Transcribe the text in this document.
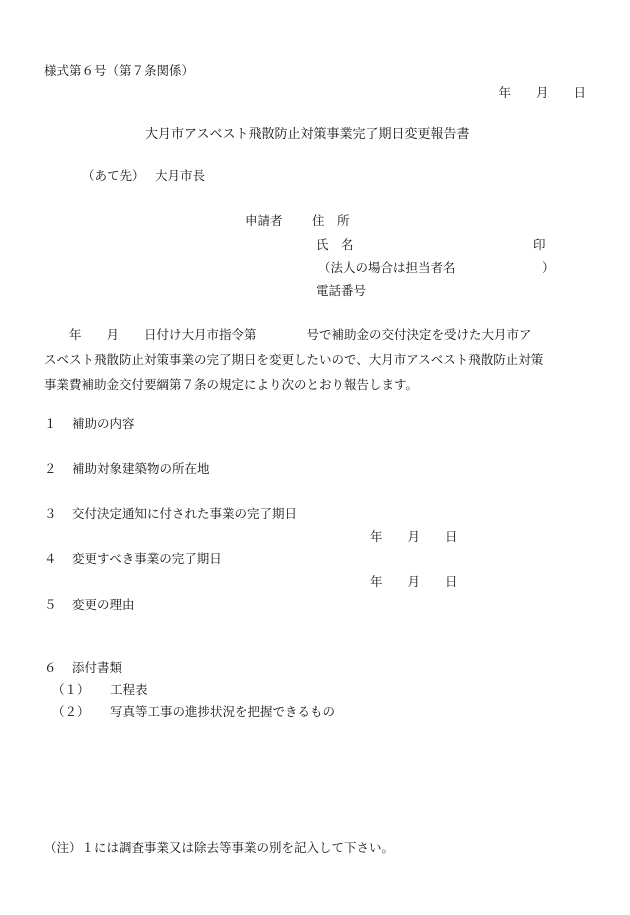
様式第６号（第７条関係）
年　　月　　日
大月市アスベスト飛散防止対策事業完了期日変更報告書
（あて先） 大月市長
申請者 住　所
氏　名	印
（法人の場合は担当者名	）
電話番号
　　年　　月　　日付け大月市指令第　　　　号で補助金の交付決定を受けた大月市ア
スベスト飛散防止対策事業の完了期日を変更したいので、大月市アスベスト飛散防止対策
事業費補助金交付要綱第７条の規定により次のとおり報告します。
１ 補助の内容
２ 補助対象建築物の所在地
３ 交付決定通知に付された事業の完了期日
年　　月　　日
４ 変更すべき事業の完了期日
年　　月　　日
５ 変更の理由
６ 添付書類
（１） 工程表
（２） 写真等工事の進捗状況を把握できるもの
（注）１には調査事業又は除去等事業の別を記入して下さい。
